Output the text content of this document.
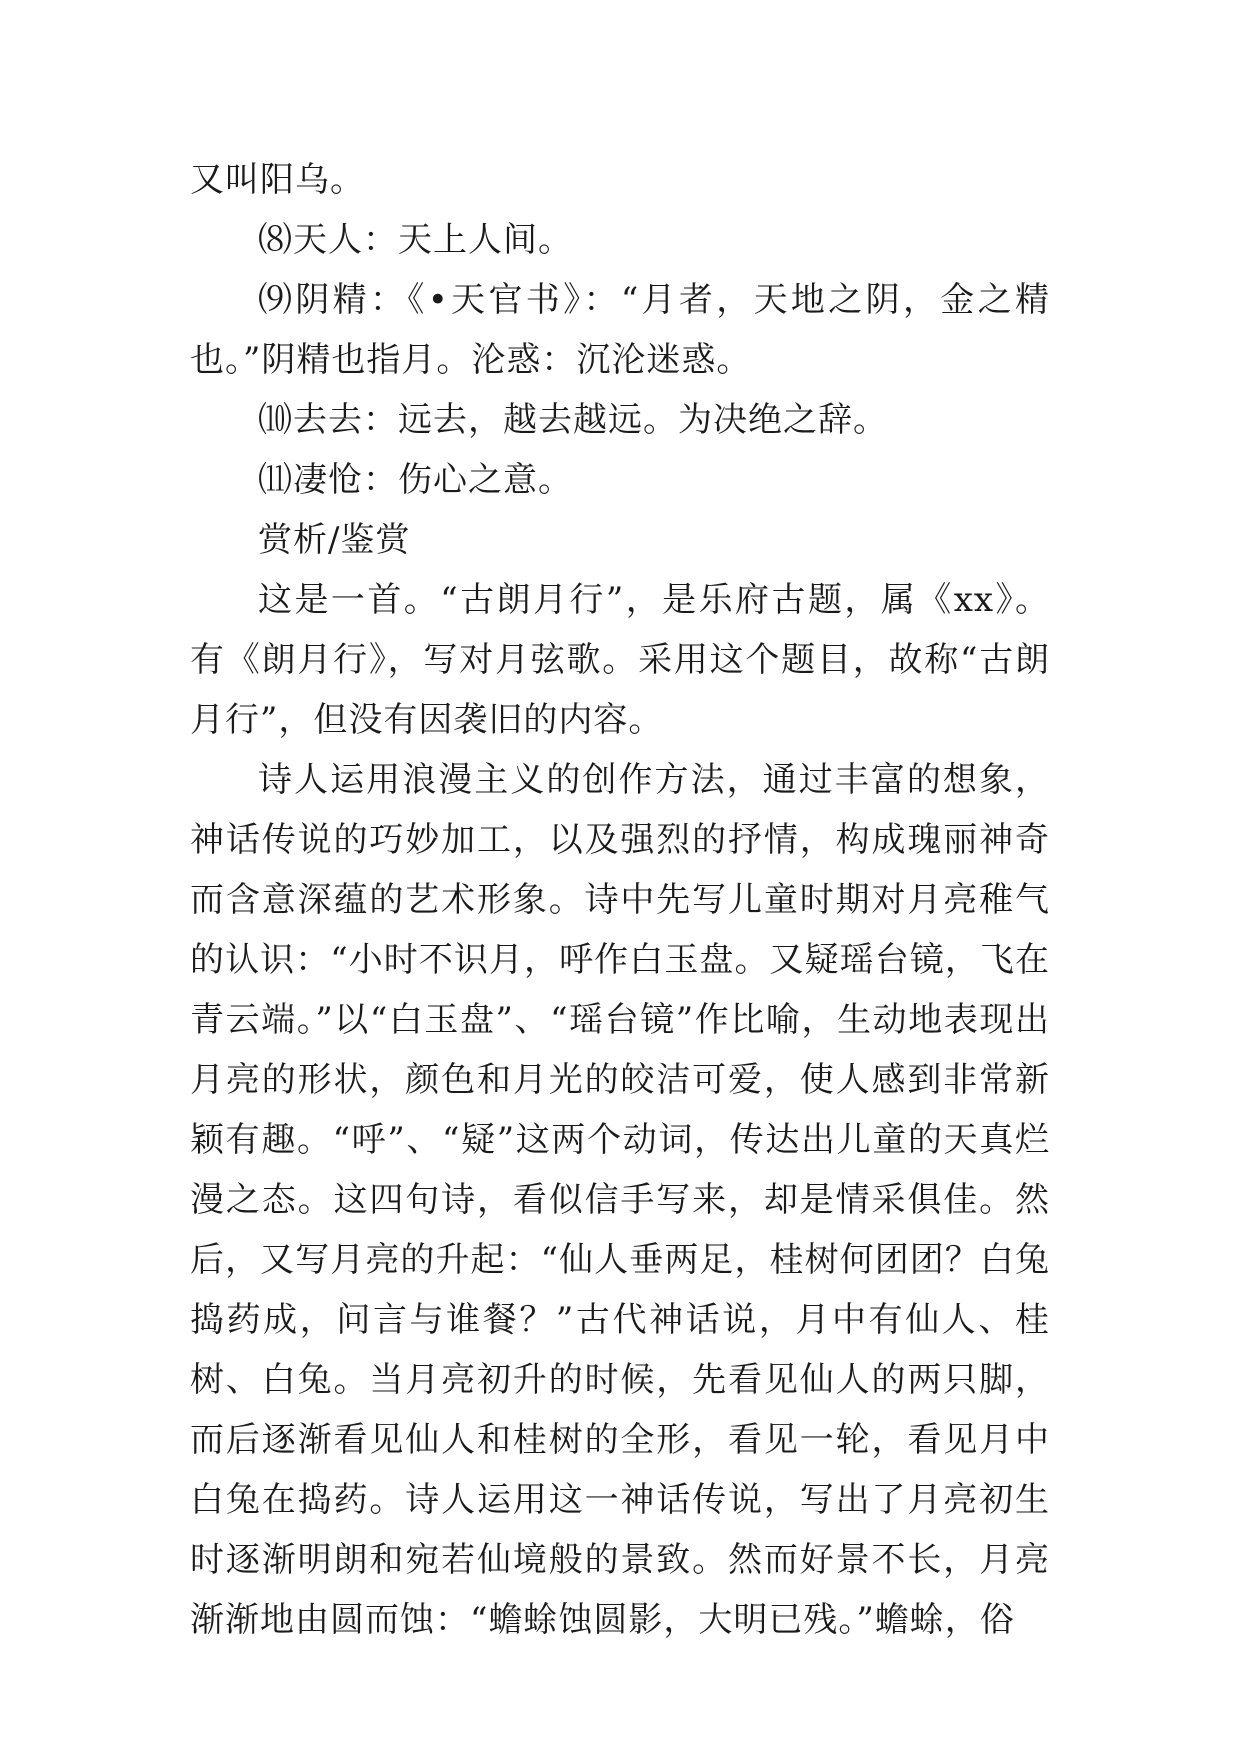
又叫阳乌。

⑻天人：天上人间。

⑼阴精：《•天官书》：“月者，天地之阴，金之精也。”阴精也指月。沦惑：沉沦迷惑。

⑽去去：远去，越去越远。为决绝之辞。

⑾凄怆：伤心之意。

赏析/鉴赏

这是一首。“古朗月行”，是乐府古题，属《xx》。有《朗月行》，写对月弦歌。采用这个题目，故称“古朗月行”，但没有因袭旧的内容。

诗人运用浪漫主义的创作方法，通过丰富的想象，神话传说的巧妙加工，以及强烈的抒情，构成瑰丽神奇而含意深蕴的艺术形象。诗中先写儿童时期对月亮稚气的认识：“小时不识月，呼作白玉盘。又疑瑶台镜，飞在青云端。”以“白玉盘”、“瑶台镜”作比喻，生动地表现出月亮的形状，颜色和月光的皎洁可爱，使人感到非常新颖有趣。“呼”、“疑”这两个动词，传达出儿童的天真烂漫之态。这四句诗，看似信手写来，却是情采俱佳。然后，又写月亮的升起：“仙人垂两足，桂树何团团？白兔捣药成，问言与谁餐？”古代神话说，月中有仙人、桂树、白兔。当月亮初升的时候，先看见仙人的两只脚，而后逐渐看见仙人和桂树的全形，看见一轮，看见月中白兔在捣药。诗人运用这一神话传说，写出了月亮初生时逐渐明朗和宛若仙境般的景致。然而好景不长，月亮渐渐地由圆而蚀：“蟾蜍蚀圆影，大明已残。”蟾蜍，俗
